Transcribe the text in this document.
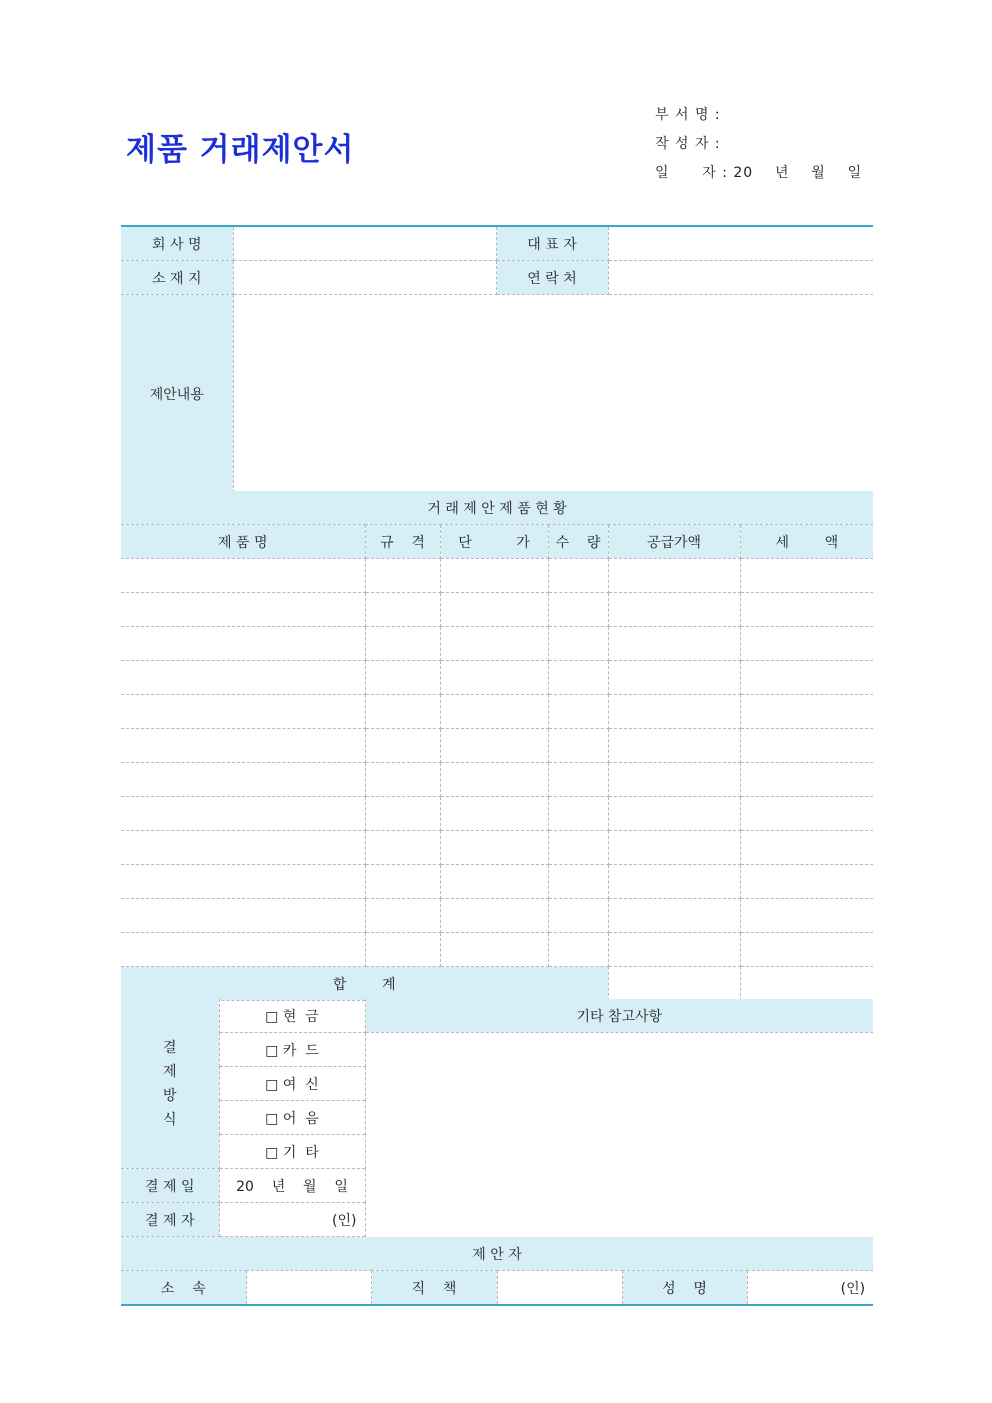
제품 거래제안서
부 서 명 :
작 성 자 :
일      자 : 20    년    월    일
회 사 명		대 표 자	
소 재 지		연 락 처	
제안내용			
거 래 제 안 제 품 현 황					
제 품 명	규    격	단          가	수    량	공급가액	세        액

합        계					
결
제
방
식	□ 현  금	기타 참고사항
	□ 카  드	
	□ 여  신	
	□ 어  음	
	□ 기  타	
결 제 일	20    년    월    일	
결 제 자	(인)	
제 안 자
소    속		직    책		성    명	(인)
